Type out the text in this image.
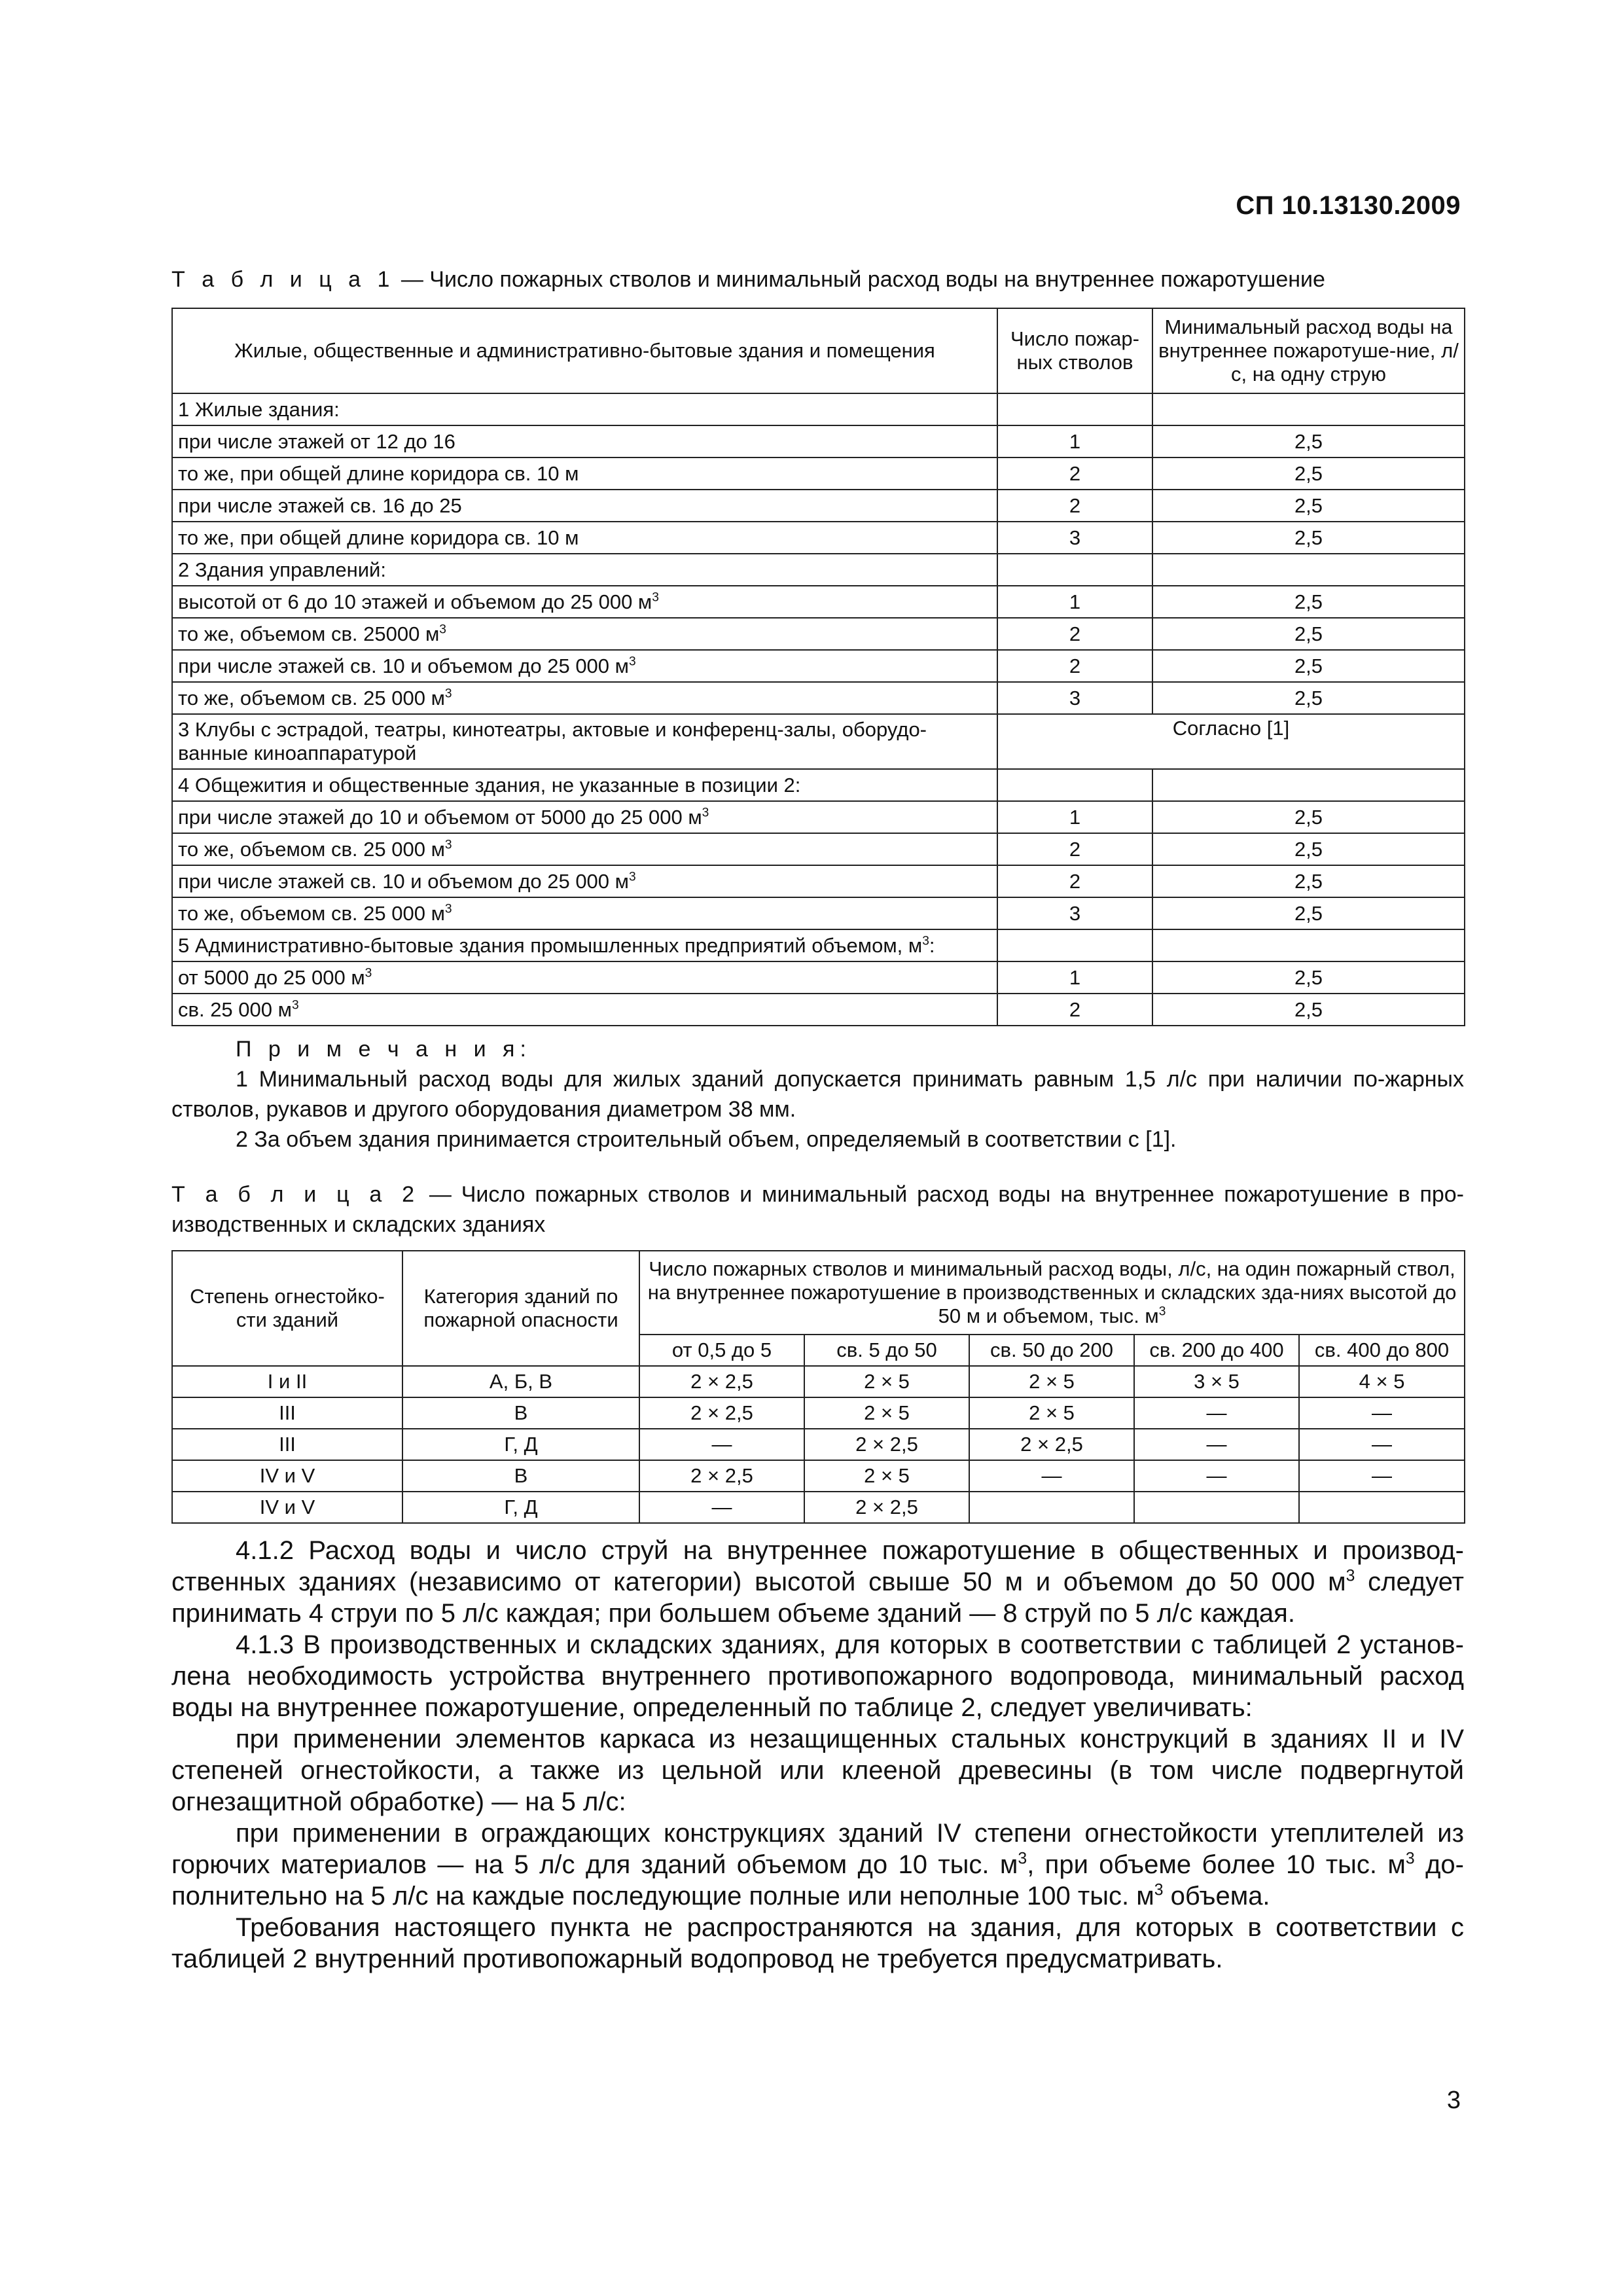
СП 10.13130.2009
Т а б л и ц а 1 — Число пожарных стволов и минимальный расход воды на внутреннее пожаротушение
Жилые, общественные и административно-бытовые здания и помещения	Число пожар-ных стволов	Минимальный расход воды на внутреннее пожаротуше-ние, л/с, на одну струю
1 Жилые здания:		
при числе этажей от 12 до 16	1	2,5
то же, при общей длине коридора св. 10 м	2	2,5
при числе этажей св. 16 до 25	2	2,5
то же, при общей длине коридора св. 10 м	3	2,5
2 Здания управлений:		
высотой от 6 до 10 этажей и объемом до 25 000 $м^3$	1	2,5
то же, объемом св. 25000 $м^3$	2	2,5
при числе этажей св. 10 и объемом до 25 000 $м^3$	2	2,5
то же, объемом св. 25 000 $м^3$	3	2,5
3 Клубы с эстрадой, театры, кинотеатры, актовые и конференц-залы, оборудо-ванные киноаппаратурой	Согласно [1]	
4 Общежития и общественные здания, не указанные в позиции 2:		
при числе этажей до 10 и объемом от 5000 до 25 000 $м^3$	1	2,5
то же, объемом св. 25 000 $м^3$	2	2,5
при числе этажей св. 10 и объемом до 25 000 $м^3$	2	2,5
то же, объемом св. 25 000 $м^3$	3	2,5
5 Административно-бытовые здания промышленных предприятий объемом, $м^3$:		
от 5000 до 25 000 $м^3$	1	2,5
св. 25 000 $м^3$	2	2,5

П р и м е ч а н и я:

1 Минимальный расход воды для жилых зданий допускается принимать равным 1,5 л/с при наличии по-жарных стволов, рукавов и другого оборудования диаметром 38 мм.

2 За объем здания принимается строительный объем, определяемый в соответствии с [1].

Т а б л и ц а 2 — Число пожарных стволов и минимальный расход воды на внутреннее пожаротушение в про-изводственных и складских зданиях
Степень огнестойко-сти зданий	Категория зданий по пожарной опасности	Число пожарных стволов и минимальный расход воды, л/с, на один пожарный ствол, на внутреннее пожаротушение в производственных и складских зда-ниях высотой до 50 м и объемом, тыс. $м^3$
		от 0,5 до 5	св. 5 до 50	св. 50 до 200	св. 200 до 400	св. 400 до 800
I и II	А, Б, В	2 × 2,5	2 × 5	2 × 5	3 × 5	4 × 5
III	В	2 × 2,5	2 × 5	2 × 5	—	—
III	Г, Д	—	2 × 2,5	2 × 2,5	—	—
IV и V	В	2 × 2,5	2 × 5	—	—	—
IV и V	Г, Д	—	2 × 2,5			

4.1.2 Расход воды и число струй на внутреннее пожаротушение в общественных и производ-ственных зданиях (независимо от категории) высотой свыше 50 м и объемом до 50 000 $м^3$ следует принимать 4 струи по 5 л/с каждая; при большем объеме зданий — 8 струй по 5 л/с каждая.

4.1.3 В производственных и складских зданиях, для которых в соответствии с таблицей 2 установ-лена необходимость устройства внутреннего противопожарного водопровода, минимальный расход воды на внутреннее пожаротушение, определенный по таблице 2, следует увеличивать:

при применении элементов каркаса из незащищенных стальных конструкций в зданиях II и IV степеней огнестойкости, а также из цельной или клееной древесины (в том числе подвергнутой огнезащитной обработке) — на 5 л/с:

при применении в ограждающих конструкциях зданий IV степени огнестойкости утеплителей из горючих материалов — на 5 л/с для зданий объемом до 10 тыс. $м^3$, при объеме более 10 тыс. $м^3$ до-полнительно на 5 л/с на каждые последующие полные или неполные 100 тыс. $м^3$ объема.

Требования настоящего пункта не распространяются на здания, для которых в соответствии с таблицей 2 внутренний противопожарный водопровод не требуется предусматривать.

3
